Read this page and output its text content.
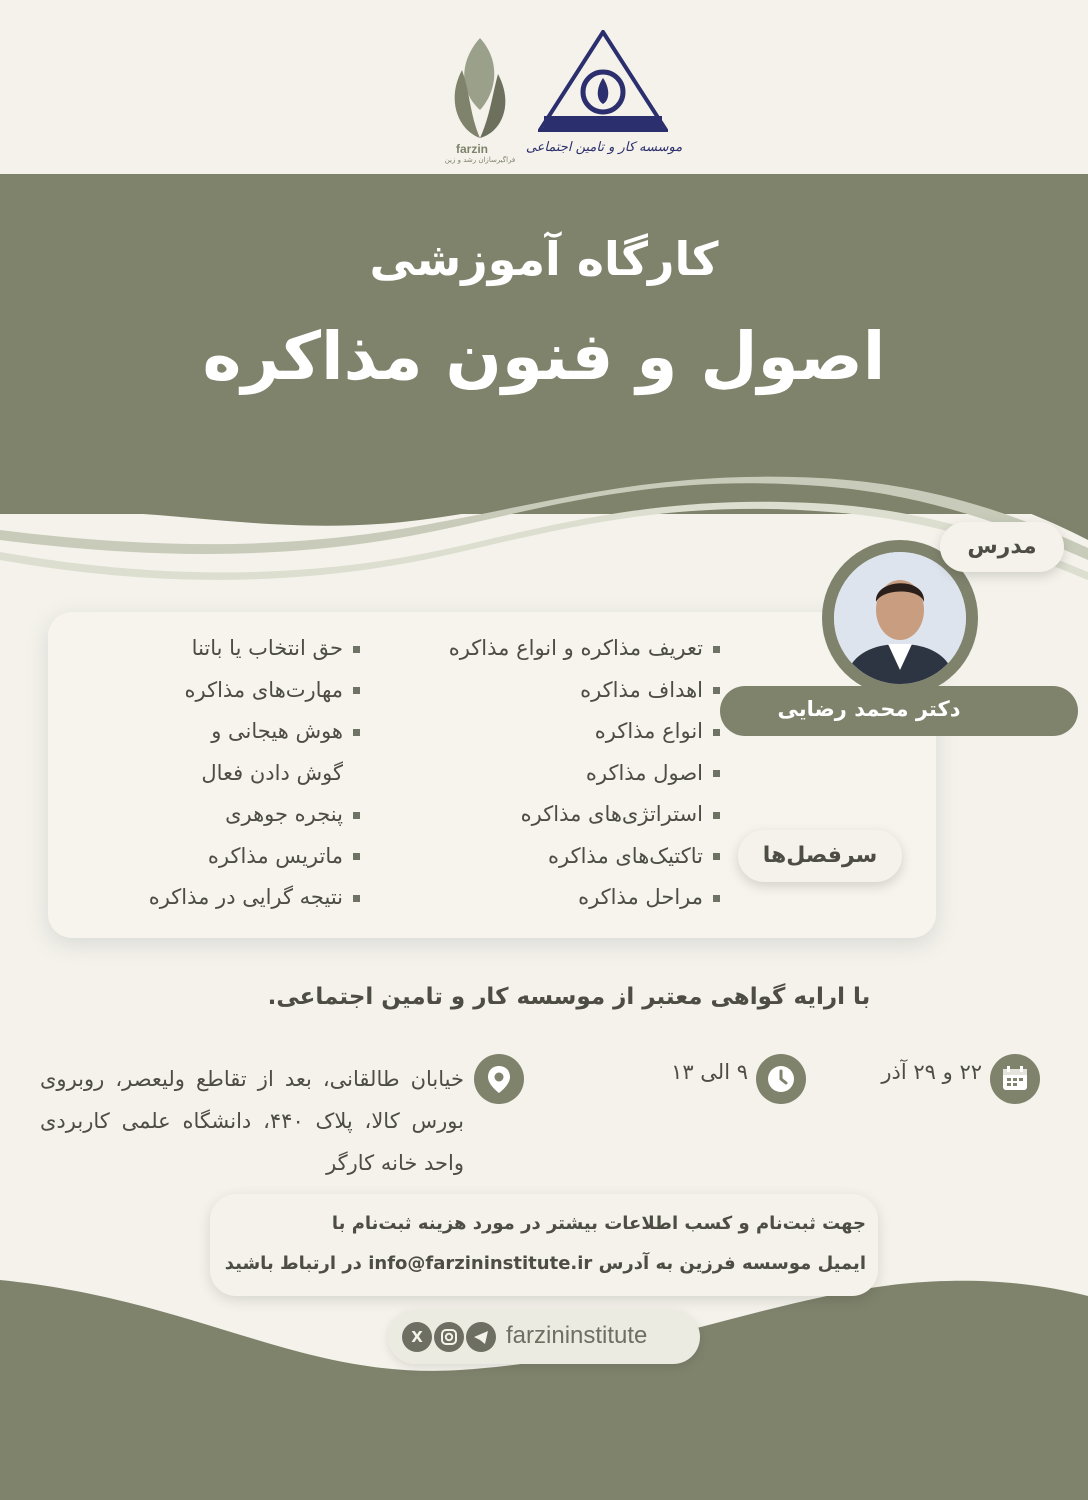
farzin
فراگیرسازان رشد و زین
موسسه کار و تامین اجتماعی
کارگاه آموزشی
اصول و فنون مذاکره
تعریف مذاکره و انواع مذاکره
اهداف مذاکره
انواع مذاکره
اصول مذاکره
استراتژی‌های مذاکره
تاکتیک‌های مذاکره
مراحل مذاکره
حق انتخاب یا باتنا
مهارت‌های مذاکره
هوش هیجانی و
گوش دادن فعال
پنجره جوهری
ماتریس مذاکره
نتیجه گرایی در مذاکره
سرفصل‌ها
دکتر محمد رضایی
مدرس
با ارایه گواهی معتبر از موسسه کار و تامین اجتماعی.
۲۲ و ۲۹ آذر
۹ الی ۱۳
خیابان طالقانی، بعد از تقاطع ولیعصر، روبروی بورس کالا، پلاک ۴۴۰، دانشگاه علمی کاربردی واحد خانه کارگر
جهت ثبت‌نام و کسب اطلاعات بیشتر در مورد هزینه ثبت‌نام با
ایمیل موسسه فرزین به آدرس info@farzininstitute.ir در ارتباط باشید
X	farzininstitute
